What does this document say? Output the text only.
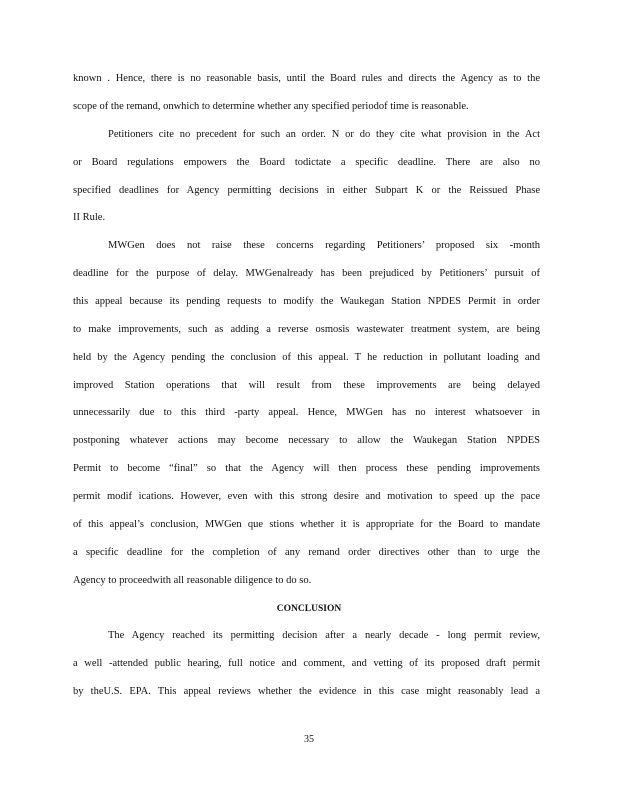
known . Hence, there is no reasonable basis, until the Board rules and directs the Agency as to the
scope of the remand, onwhich to determine whether any specified periodof time is reasonable.
Petitioners cite no precedent for such an order. N or do they cite what provision in the Act
or Board regulations empowers the Board todictate a specific deadline. There are also no
specified deadlines for Agency permitting decisions in either Subpart K or the Reissued Phase
II Rule.
MWGen does not raise these concerns regarding Petitioners’ proposed six -month
deadline for the purpose of delay. MWGenalready has been prejudiced by Petitioners’ pursuit of
this appeal because its pending requests to modify the Waukegan Station NPDES Permit in order
to make improvements, such as adding a reverse osmosis wastewater treatment system, are being
held by the Agency pending the conclusion of this appeal. T he reduction in pollutant loading and
improved Station operations that will result from these improvements are being delayed
unnecessarily due to this third -party appeal. Hence, MWGen has no interest whatsoever in
postponing whatever actions may become necessary to allow the Waukegan Station NPDES
Permit to become “final” so that the Agency will then process these pending improvements
permit modif ications. However, even with this strong desire and motivation to speed up the pace
of this appeal’s conclusion, MWGen que stions whether it is appropriate for the Board to mandate
a specific deadline for the completion of any remand order directives other than to urge the
Agency to proceedwith all reasonable diligence to do so.
CONCLUSION
The Agency reached its permitting decision after a nearly decade - long permit review,
a well -attended public hearing, full notice and comment, and vetting of its proposed draft permit
by theU.S. EPA. This appeal reviews whether the evidence in this case might reasonably lead a
35
